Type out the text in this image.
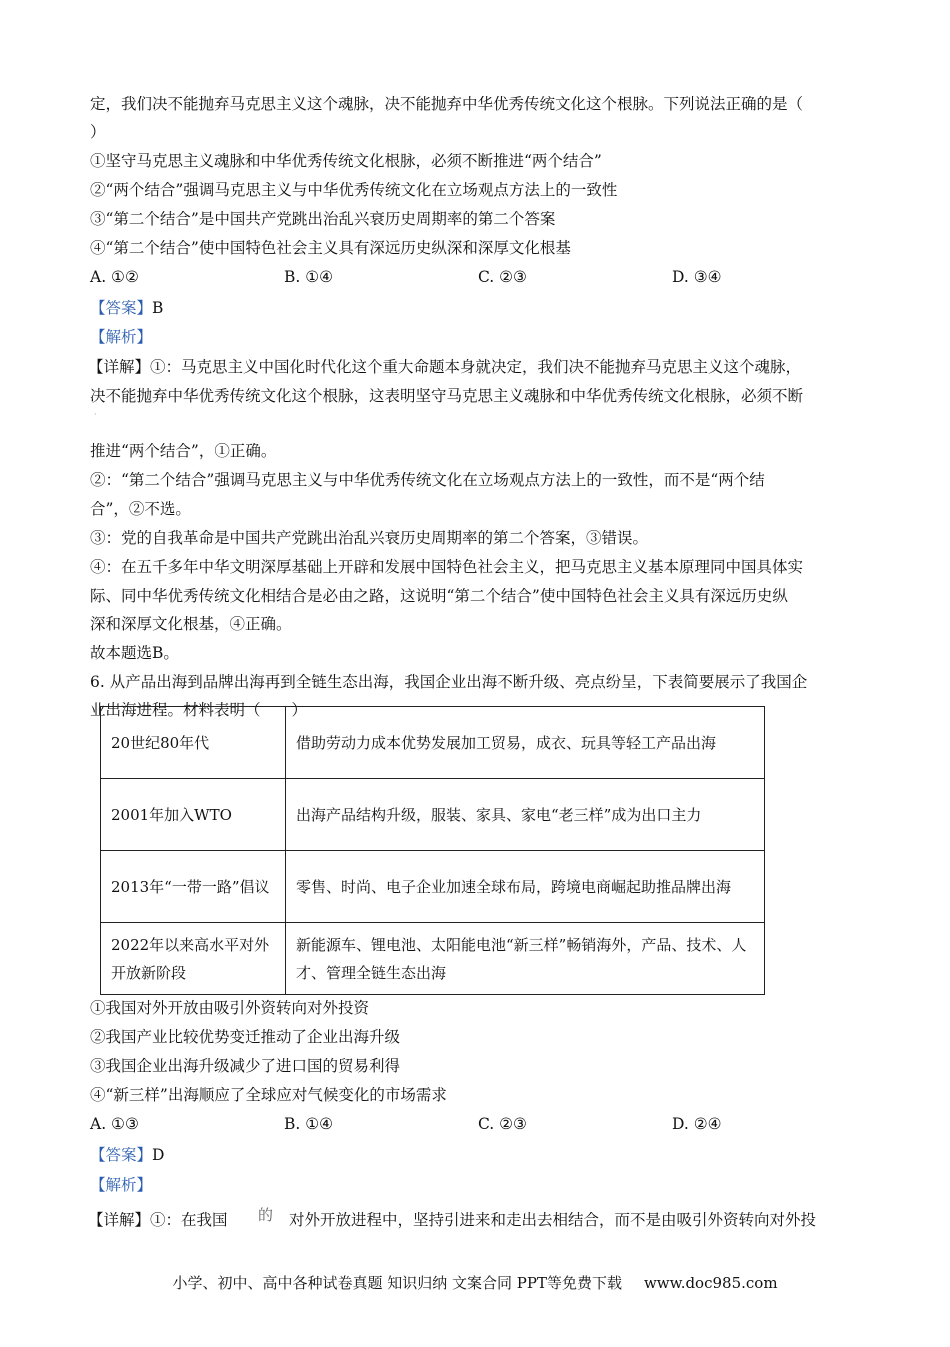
定，我们决不能抛弃马克思主义这个魂脉，决不能抛弃中华优秀传统文化这个根脉。下列说法正确的是（
）
①坚守马克思主义魂脉和中华优秀传统文化根脉，必须不断推进“两个结合”
②“两个结合”强调马克思主义与中华优秀传统文化在立场观点方法上的一致性
③“第二个结合”是中国共产党跳出治乱兴衰历史周期率的第二个答案
④“第二个结合”使中国特色社会主义具有深远历史纵深和深厚文化根基
A. ①②	B. ①④	C. ②③	D. ③④
【答案】B
【解析】
【详解】①：马克思主义中国化时代化这个重大命题本身就决定，我们决不能抛弃马克思主义这个魂脉，
决不能抛弃中华优秀传统文化这个根脉，这表明坚守马克思主义魂脉和中华优秀传统文化根脉，必须不断
·
推进“两个结合”，①正确。
②：“第二个结合”强调马克思主义与中华优秀传统文化在立场观点方法上的一致性，而不是“两个结
合”，②不选。
③：党的自我革命是中国共产党跳出治乱兴衰历史周期率的第二个答案，③错误。
④：在五千多年中华文明深厚基础上开辟和发展中国特色社会主义，把马克思主义基本原理同中国具体实
际、同中华优秀传统文化相结合是必由之路，这说明“第二个结合”使中国特色社会主义具有深远历史纵
深和深厚文化根基，④正确。
故本题选B。
6. 从产品出海到品牌出海再到全链生态出海，我国企业出海不断升级、亮点纷呈，下表简要展示了我国企
业出海进程。材料表明（　　）
20世纪80年代	借助劳动力成本优势发展加工贸易，成衣、玩具等轻工产品出海
2001年加入WTO	出海产品结构升级，服装、家具、家电“老三样”成为出口主力
2013年“一带一路”倡议	零售、时尚、电子企业加速全球布局，跨境电商崛起助推品牌出海
2022年以来高水平对外开放新阶段	新能源车、锂电池、太阳能电池“新三样”畅销海外，产品、技术、人才、管理全链生态出海
①我国对外开放由吸引外资转向对外投资
②我国产业比较优势变迁推动了企业出海升级
③我国企业出海升级减少了进口国的贸易利得
④“新三样”出海顺应了全球应对气候变化的市场需求
A. ①③	B. ①④	C. ②③	D. ②④
【答案】D
【解析】
【详解】①：在我国 的 对外开放进程中，坚持引进来和走出去相结合，而不是由吸引外资转向对外投
小学、初中、高中各种试卷真题 知识归纳 文案合同 PPT等免费下载 www.doc985.com
